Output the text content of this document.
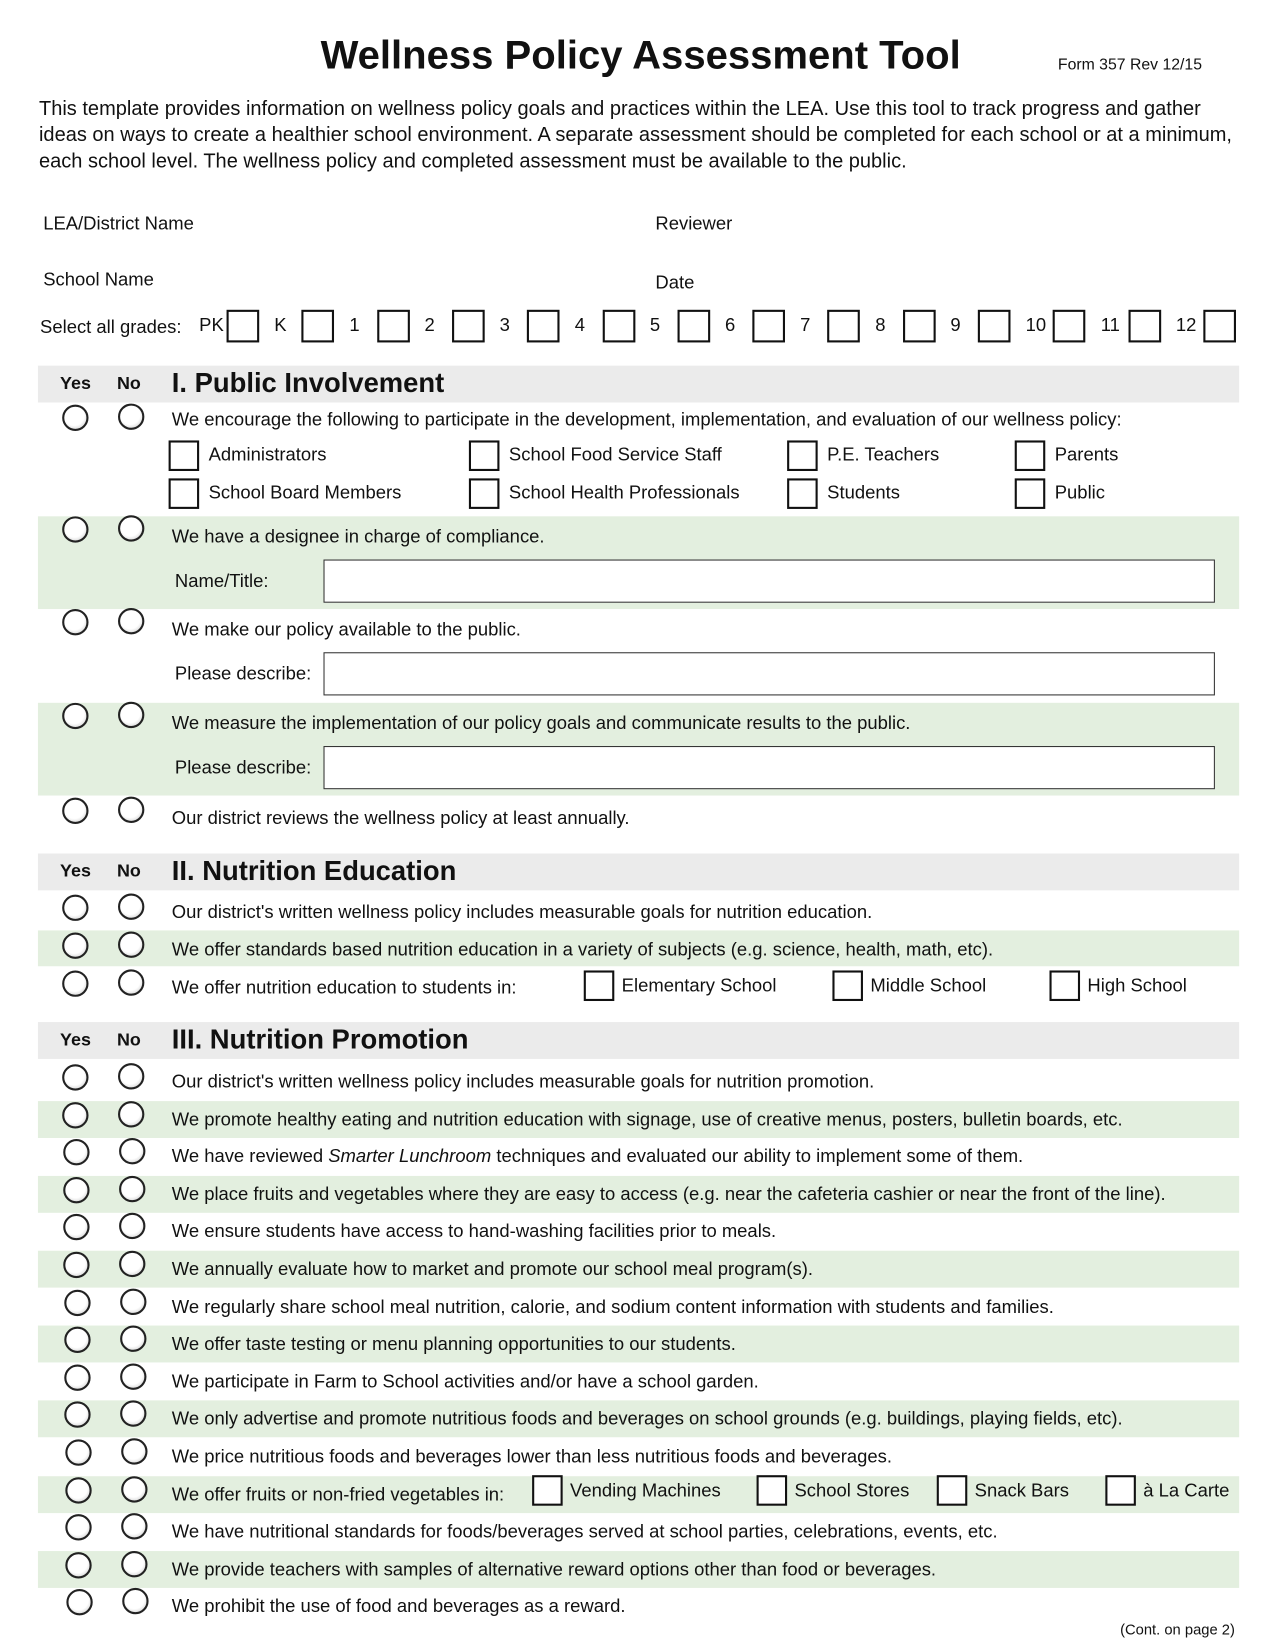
Wellness Policy Assessment Tool	Form 357 Rev 12/15
This template provides information on wellness policy goals and practices within the LEA. Use this tool to track progress and gather ideas on ways to create a healthier school environment. A separate assessment should be completed for each school or at a minimum, each school level. The wellness policy and completed assessment must be available to the public.
LEA/District Name	Reviewer
School Name	Date
Select all grades: PK	K	1	2	3	4	5	6	7	8	9	10	11	12
Yes No I. Public Involvement
We encourage the following to participate in the development, implementation, and evaluation of our wellness policy:
Administrators	School Food Service Staff	P.E. Teachers	Parents
School Board Members	School Health Professionals	Students	Public
We have a designee in charge of compliance.
Name/Title:
We make our policy available to the public.
Please describe:
We measure the implementation of our policy goals and communicate results to the public.
Please describe:
Our district reviews the wellness policy at least annually.
Yes No II. Nutrition Education
Our district's written wellness policy includes measurable goals for nutrition education.
We offer standards based nutrition education in a variety of subjects (e.g. science, health, math, etc).
We offer nutrition education to students in:	Elementary School	Middle School	High School
Yes No III. Nutrition Promotion
Our district's written wellness policy includes measurable goals for nutrition promotion.
We promote healthy eating and nutrition education with signage, use of creative menus, posters, bulletin boards, etc.
We have reviewed Smarter Lunchroom techniques and evaluated our ability to implement some of them.
We place fruits and vegetables where they are easy to access (e.g. near the cafeteria cashier or near the front of the line).
We ensure students have access to hand-washing facilities prior to meals.
We annually evaluate how to market and promote our school meal program(s).
We regularly share school meal nutrition, calorie, and sodium content information with students and families.
We offer taste testing or menu planning opportunities to our students.
We participate in Farm to School activities and/or have a school garden.
We only advertise and promote nutritious foods and beverages on school grounds (e.g. buildings, playing fields, etc).
We price nutritious foods and beverages lower than less nutritious foods and beverages.
We offer fruits or non-fried vegetables in:	Vending Machines	School Stores	Snack Bars	à La Carte
We have nutritional standards for foods/beverages served at school parties, celebrations, events, etc.
We provide teachers with samples of alternative reward options other than food or beverages.
We prohibit the use of food and beverages as a reward.
(Cont. on page 2)
